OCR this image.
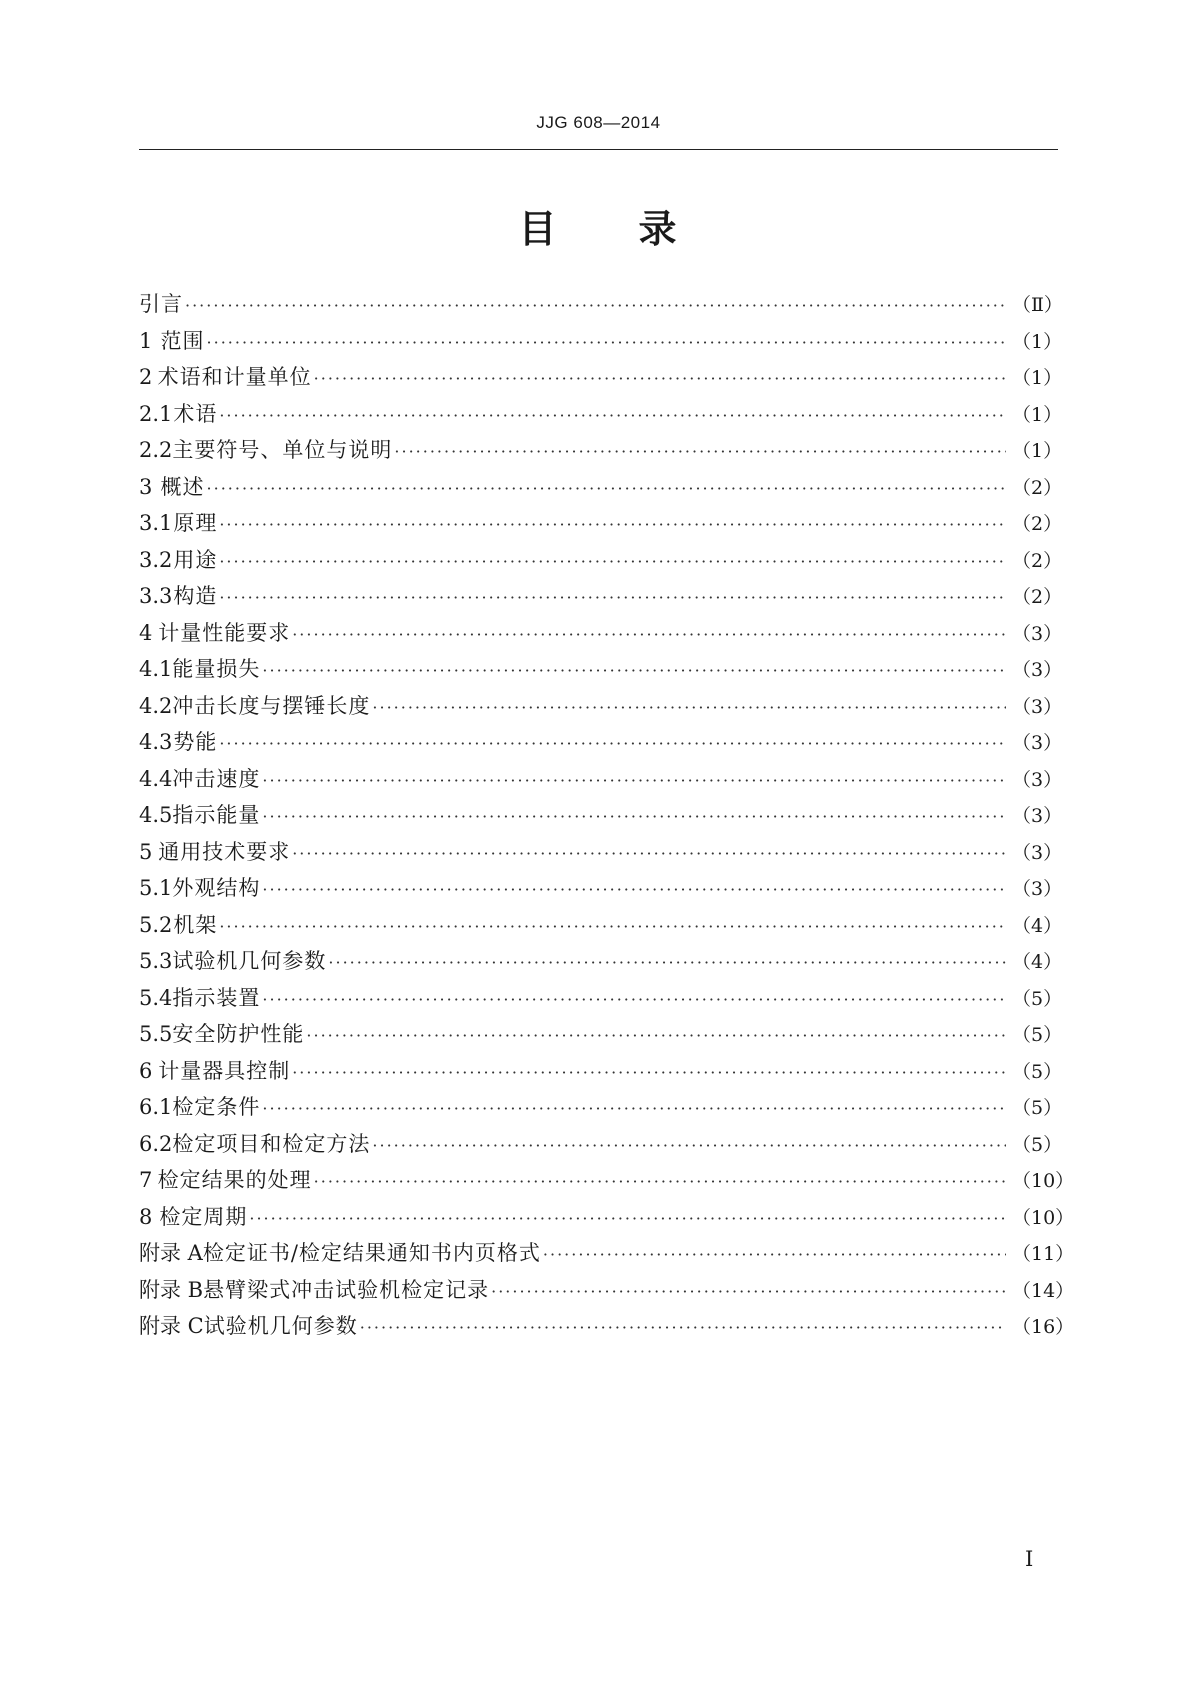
JJG 608—2014
目 录
引言 ·····	（Ⅱ）
1 范围 ·····	（1）
2 术语和计量单位 ·····	（1）
2.1 术语 ·····	（1）
2.2 主要符号、单位与说明 ·····	（1）
3 概述 ·····	（2）
3.1 原理 ·····	（2）
3.2 用途 ·····	（2）
3.3 构造 ·····	（2）
4 计量性能要求 ·····	（3）
4.1 能量损失 ·····	（3）
4.2 冲击长度与摆锤长度 ·····	（3）
4.3 势能 ·····	（3）
4.4 冲击速度 ·····	（3）
4.5 指示能量 ·····	（3）
5 通用技术要求 ·····	（3）
5.1 外观结构 ·····	（3）
5.2 机架 ·····	（4）
5.3 试验机几何参数 ·····	（4）
5.4 指示装置 ·····	（5）
5.5 安全防护性能 ·····	（5）
6 计量器具控制 ·····	（5）
6.1 检定条件 ·····	（5）
6.2 检定项目和检定方法 ·····	（5）
7 检定结果的处理 ·····	（10）
8 检定周期 ·····	（10）
附录 A 检定证书/检定结果通知书内页格式 ·····	（11）
附录 B 悬臂梁式冲击试验机检定记录 ·····	（14）
附录 C 试验机几何参数 ·····	（16）
I
